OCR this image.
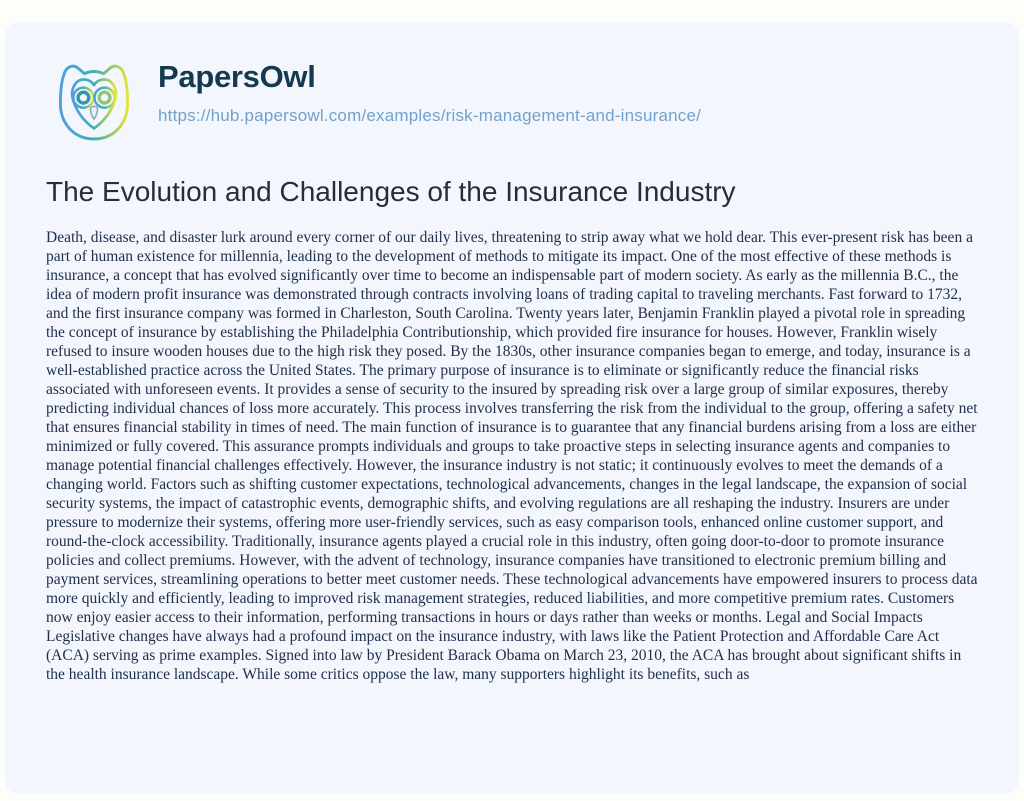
PapersOwl
https://hub.papersowl.com/examples/risk-management-and-insurance/
The Evolution and Challenges of the Insurance Industry

Death, disease, and disaster lurk around every corner of our daily lives, threatening to strip away what we hold dear. This ever-present risk has been a part of human existence for millennia, leading to the development of methods to mitigate its impact. One of the most effective of these methods is insurance, a concept that has evolved significantly over time to become an indispensable part of modern society. As early as the millennia B.C., the idea of modern profit insurance was demonstrated through contracts involving loans of trading capital to traveling merchants. Fast forward to 1732, and the first insurance company was formed in Charleston, South Carolina. Twenty years later, Benjamin Franklin played a pivotal role in spreading the concept of insurance by establishing the Philadelphia Contributionship, which provided fire insurance for houses. However, Franklin wisely refused to insure wooden houses due to the high risk they posed. By the 1830s, other insurance companies began to emerge, and today, insurance is a well-established practice across the United States. The primary purpose of insurance is to eliminate or significantly reduce the financial risks associated with unforeseen events. It provides a sense of security to the insured by spreading risk over a large group of similar exposures, thereby predicting individual chances of loss more accurately. This process involves transferring the risk from the individual to the group, offering a safety net that ensures financial stability in times of need. The main function of insurance is to guarantee that any financial burdens arising from a loss are either minimized or fully covered. This assurance prompts individuals and groups to take proactive steps in selecting insurance agents and companies to manage potential financial challenges effectively. However, the insurance industry is not static; it continuously evolves to meet the demands of a changing world. Factors such as shifting customer expectations, technological advancements, changes in the legal landscape, the expansion of social security systems, the impact of catastrophic events, demographic shifts, and evolving regulations are all reshaping the industry. Insurers are under pressure to modernize their systems, offering more user-friendly services, such as easy comparison tools, enhanced online customer support, and round-the-clock accessibility. Traditionally, insurance agents played a crucial role in this industry, often going door-to-door to promote insurance policies and collect premiums. However, with the advent of technology, insurance companies have transitioned to electronic premium billing and payment services, streamlining operations to better meet customer needs. These technological advancements have empowered insurers to process data more quickly and efficiently, leading to improved risk management strategies, reduced liabilities, and more competitive premium rates. Customers now enjoy easier access to their information, performing transactions in hours or days rather than weeks or months. Legal and Social Impacts Legislative changes have always had a profound impact on the insurance industry, with laws like the Patient Protection and Affordable Care Act (ACA) serving as prime examples. Signed into law by President Barack Obama on March 23, 2010, the ACA has brought about significant shifts in the health insurance landscape. While some critics oppose the law, many supporters highlight its benefits, such as
